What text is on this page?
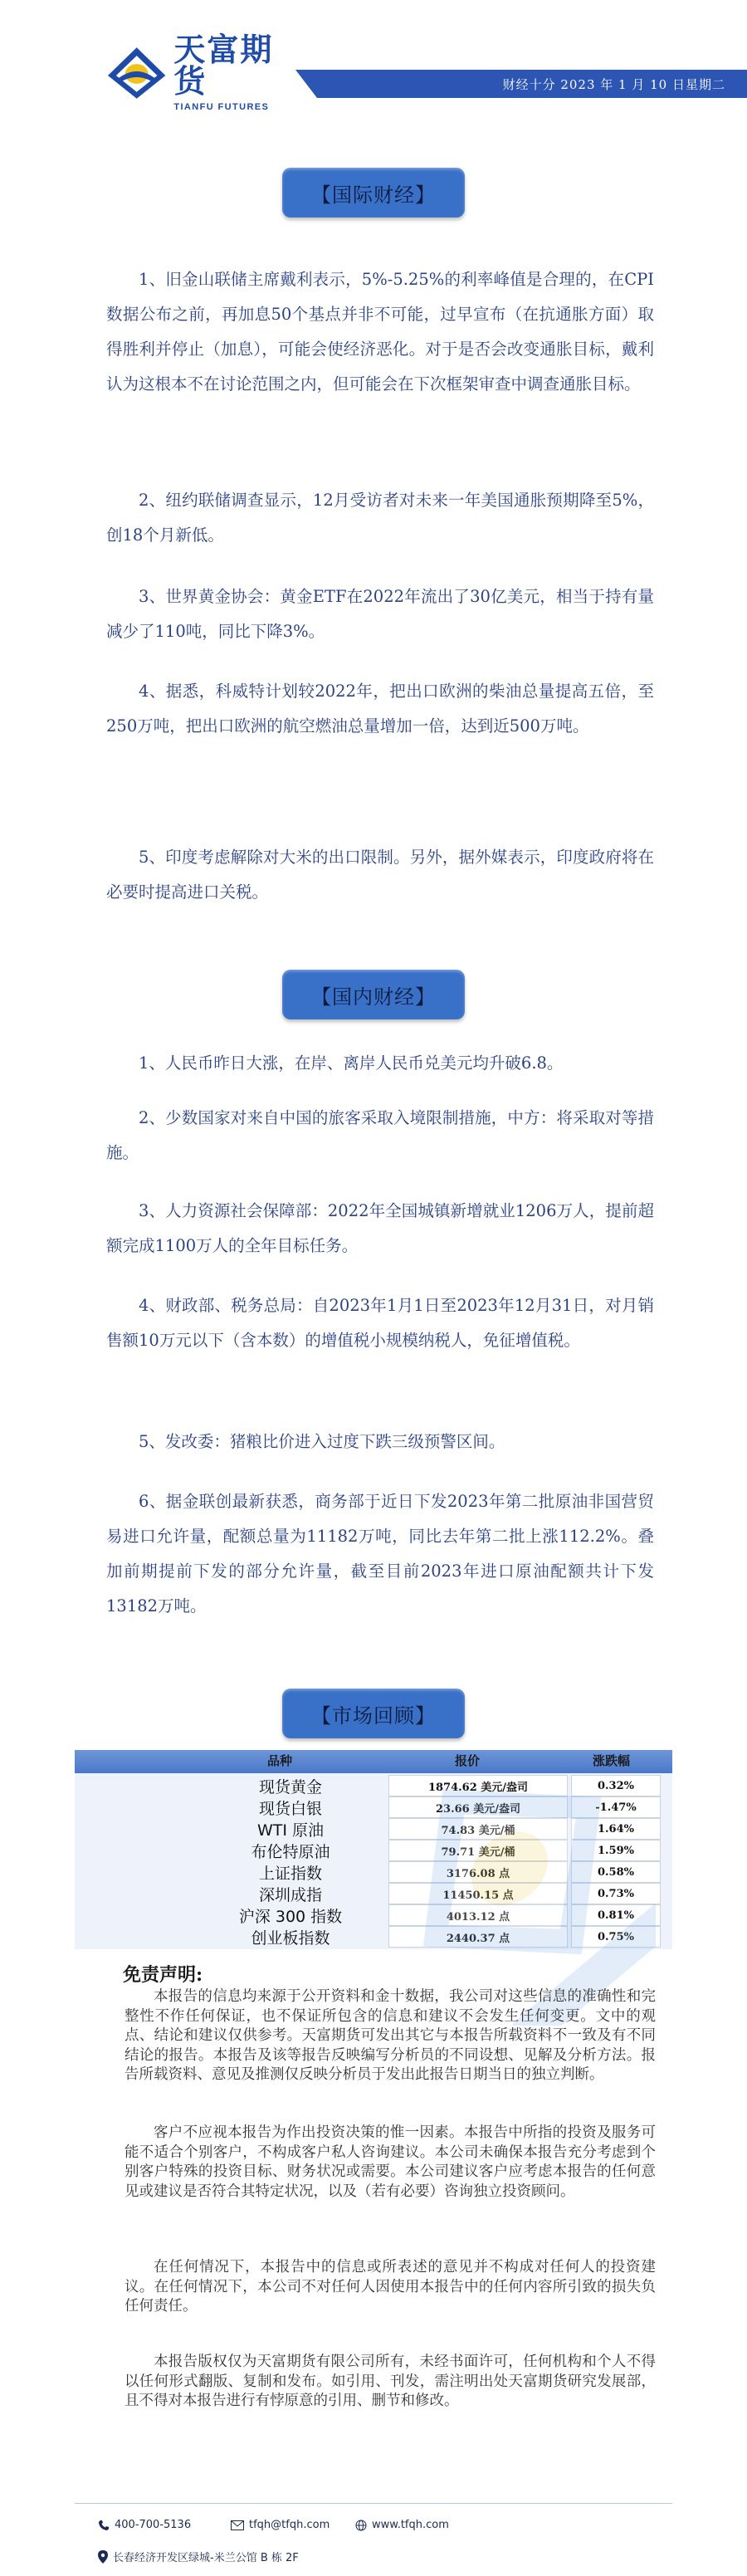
天富期货
TIANFU FUTURES
财经十分 2023 年 1 月 10 日星期二
【国际财经】

1、旧金山联储主席戴利表示，5%-5.25%的利率峰值是合理的，在CPI数据公布之前，再加息50个基点并非不可能，过早宣布（在抗通胀方面）取得胜利并停止（加息），可能会使经济恶化。对于是否会改变通胀目标，戴利认为这根本不在讨论范围之内，但可能会在下次框架审查中调查通胀目标。

2、纽约联储调查显示，12月受访者对未来一年美国通胀预期降至5%，创18个月新低。

3、世界黄金协会：黄金ETF在2022年流出了30亿美元，相当于持有量减少了110吨，同比下降3%。

4、据悉，科威特计划较2022年，把出口欧洲的柴油总量提高五倍，至250万吨，把出口欧洲的航空燃油总量增加一倍，达到近500万吨。

5、印度考虑解除对大米的出口限制。另外，据外媒表示，印度政府将在必要时提高进口关税。

【国内财经】

1、人民币昨日大涨，在岸、离岸人民币兑美元均升破6.8。

2、少数国家对来自中国的旅客采取入境限制措施，中方：将采取对等措施。

3、人力资源社会保障部：2022年全国城镇新增就业1206万人，提前超额完成1100万人的全年目标任务。

4、财政部、税务总局：自2023年1月1日至2023年12月31日，对月销售额10万元以下（含本数）的增值税小规模纳税人，免征增值税。

5、发改委：猪粮比价进入过度下跌三级预警区间。

6、据金联创最新获悉，商务部于近日下发2023年第二批原油非国营贸易进口允许量，配额总量为11182万吨，同比去年第二批上涨112.2%。叠加前期提前下发的部分允许量，截至目前2023年进口原油配额共计下发13182万吨。

【市场回顾】
品种	报价	涨跌幅
现货黄金	1874.62 美元/盎司	0.32%
现货白银	23.66 美元/盎司	-1.47%
WTI 原油	74.83 美元/桶	1.64%
布伦特原油	79.71 美元/桶	1.59%
上证指数	3176.08 点	0.58%
深圳成指	11450.15 点	0.73%
沪深 300 指数	4013.12 点	0.81%
创业板指数	2440.37 点	0.75%
免责声明:

本报告的信息均来源于公开资料和金十数据，我公司对这些信息的准确性和完整性不作任何保证，也不保证所包含的信息和建议不会发生任何变更。文中的观点、结论和建议仅供参考。天富期货可发出其它与本报告所载资料不一致及有不同结论的报告。本报告及该等报告反映编写分析员的不同设想、见解及分析方法。报告所载资料、意见及推测仅反映分析员于发出此报告日期当日的独立判断。

客户不应视本报告为作出投资决策的惟一因素。本报告中所指的投资及服务可能不适合个别客户，不构成客户私人咨询建议。本公司未确保本报告充分考虑到个别客户特殊的投资目标、财务状况或需要。本公司建议客户应考虑本报告的任何意见或建议是否符合其特定状况，以及（若有必要）咨询独立投资顾问。

在任何情况下，本报告中的信息或所表述的意见并不构成对任何人的投资建议。在任何情况下，本公司不对任何人因使用本报告中的任何内容所引致的损失负任何责任。

本报告版权仅为天富期货有限公司所有，未经书面许可，任何机构和个人不得以任何形式翻版、复制和发布。如引用、刊发，需注明出处天富期货研究发展部，且不得对本报告进行有悖原意的引用、删节和修改。

400-700-5136	tfqh@tfqh.com	www.tfqh.com
长春经济开发区绿城-米兰公馆 B 栋 2F
